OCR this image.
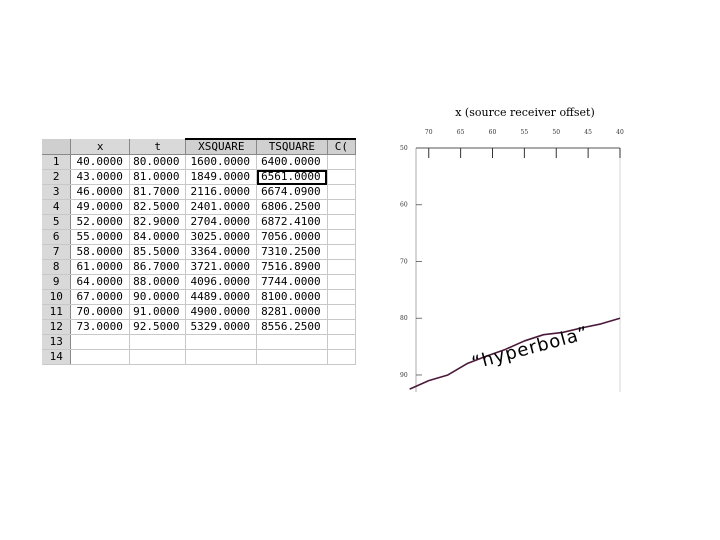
	x	t	XSQUARE	TSQUARE	C(
1	40.0000	80.0000	1600.0000	6400.0000	
2	43.0000	81.0000	1849.0000	6561.0000	
3	46.0000	81.7000	2116.0000	6674.0900	
4	49.0000	82.5000	2401.0000	6806.2500	
5	52.0000	82.9000	2704.0000	6872.4100	
6	55.0000	84.0000	3025.0000	7056.0000	
7	58.0000	85.5000	3364.0000	7310.2500	
8	61.0000	86.7000	3721.0000	7516.8900	
9	64.0000	88.0000	4096.0000	7744.0000	
10	67.0000	90.0000	4489.0000	8100.0000	
11	70.0000	91.0000	4900.0000	8281.0000	
12	73.0000	92.5000	5329.0000	8556.2500	
13					
14					
x (source receiver offset)
70	65	60	55	50	45	40
50
60
70
80
90
“hyperbola”
